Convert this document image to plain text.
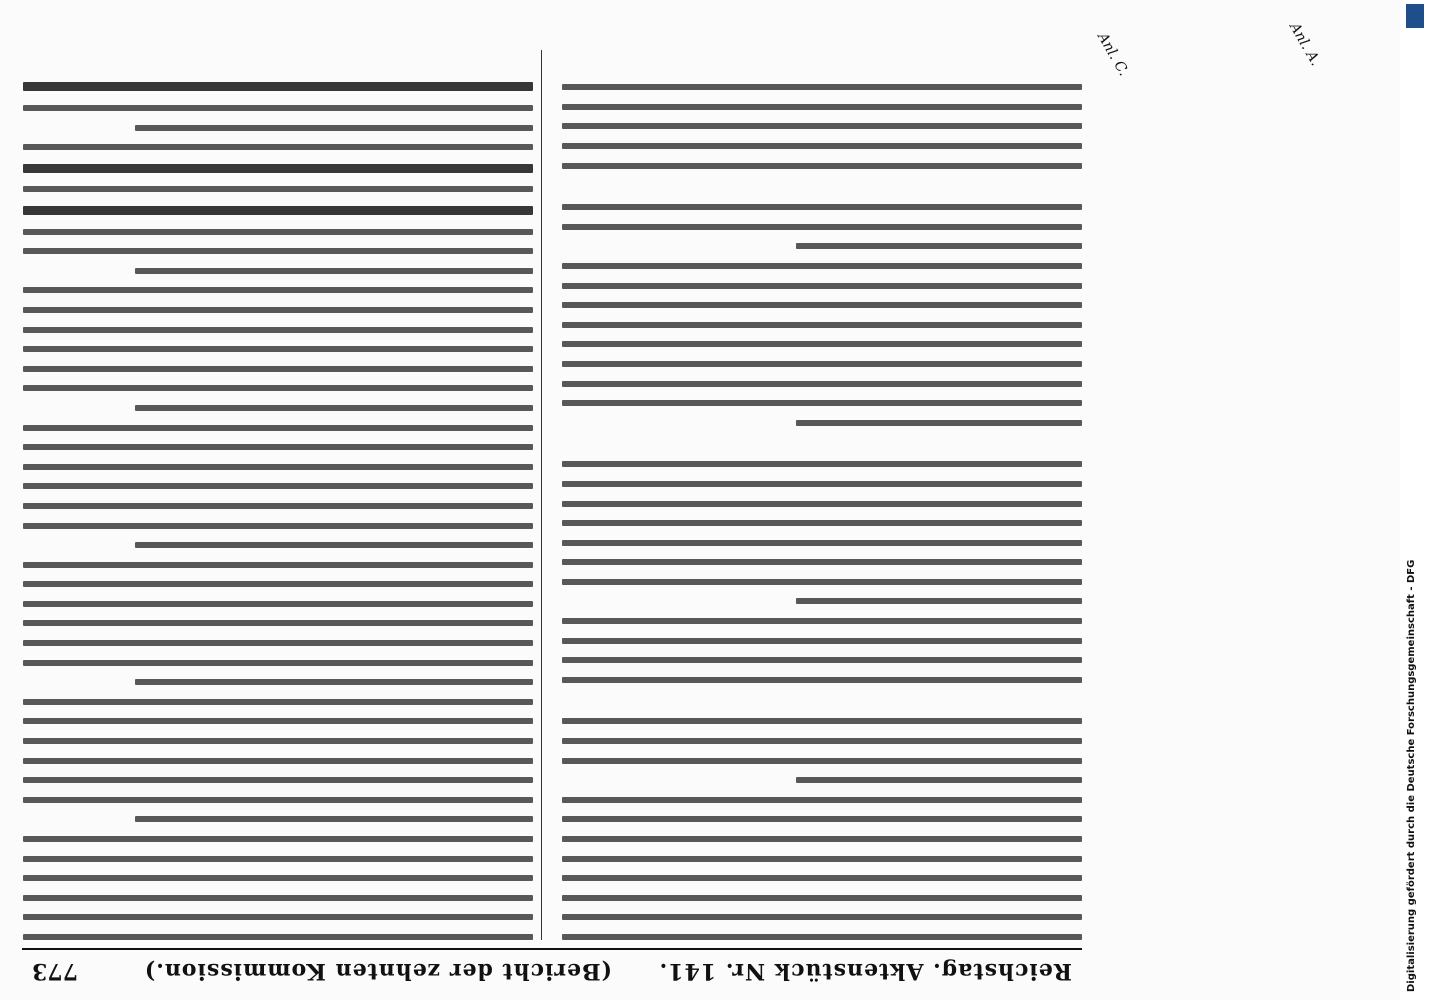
Reichstag. Aktenstück Nr. 141.
(Bericht der zehnten Kommission.)
773
Anl. C.	Anl. A.
Digitalisierung gefördert durch die Deutsche Forschungsgemeinschaft - DFG
